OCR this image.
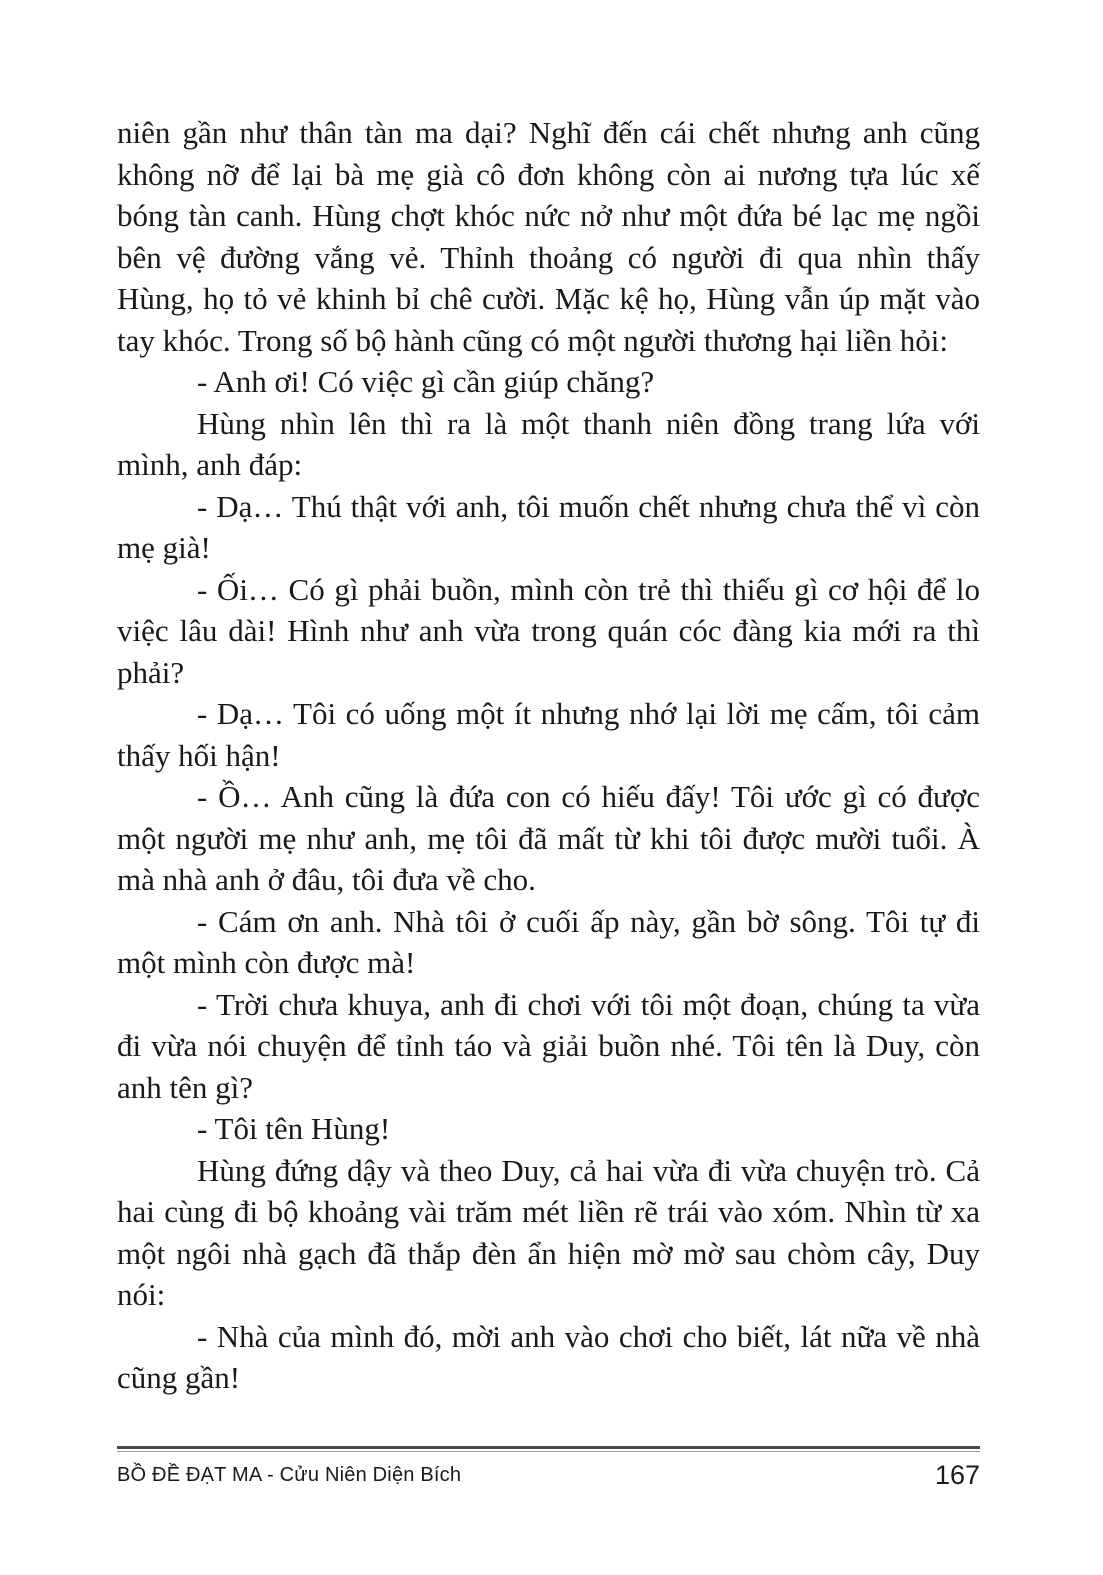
niên gần như thân tàn ma dại? Nghĩ đến cái chết nhưng anh cũng không nỡ để lại bà mẹ già cô đơn không còn ai nương tựa lúc xế bóng tàn canh. Hùng chợt khóc nức nở như một đứa bé lạc mẹ ngồi bên vệ đường vắng vẻ. Thỉnh thoảng có người đi qua nhìn thấy Hùng, họ tỏ vẻ khinh bỉ chê cười. Mặc kệ họ, Hùng vẫn úp mặt vào tay khóc. Trong số bộ hành cũng có một người thương hại liền hỏi:

- Anh ơi! Có việc gì cần giúp chăng?

Hùng nhìn lên thì ra là một thanh niên đồng trang lứa với mình, anh đáp:

- Dạ… Thú thật với anh, tôi muốn chết nhưng chưa thể vì còn mẹ già!

- Ối… Có gì phải buồn, mình còn trẻ thì thiếu gì cơ hội để lo việc lâu dài! Hình như anh vừa trong quán cóc đàng kia mới ra thì phải?

- Dạ… Tôi có uống một ít nhưng nhớ lại lời mẹ cấm, tôi cảm thấy hối hận!

- Ồ… Anh cũng là đứa con có hiếu đấy! Tôi ước gì có được một người mẹ như anh, mẹ tôi đã mất từ khi tôi được mười tuổi. À mà nhà anh ở đâu, tôi đưa về cho.

- Cám ơn anh. Nhà tôi ở cuối ấp này, gần bờ sông. Tôi tự đi một mình còn được mà!

- Trời chưa khuya, anh đi chơi với tôi một đoạn, chúng ta vừa đi vừa nói chuyện để tỉnh táo và giải buồn nhé. Tôi tên là Duy, còn anh tên gì?

- Tôi tên Hùng!

Hùng đứng dậy và theo Duy, cả hai vừa đi vừa chuyện trò. Cả hai cùng đi bộ khoảng vài trăm mét liền rẽ trái vào xóm. Nhìn từ xa một ngôi nhà gạch đã thắp đèn ẩn hiện mờ mờ sau chòm cây, Duy nói:

- Nhà của mình đó, mời anh vào chơi cho biết, lát nữa về nhà cũng gần!

BỒ ĐỀ ĐẠT MA - Cửu Niên Diện Bích	167
